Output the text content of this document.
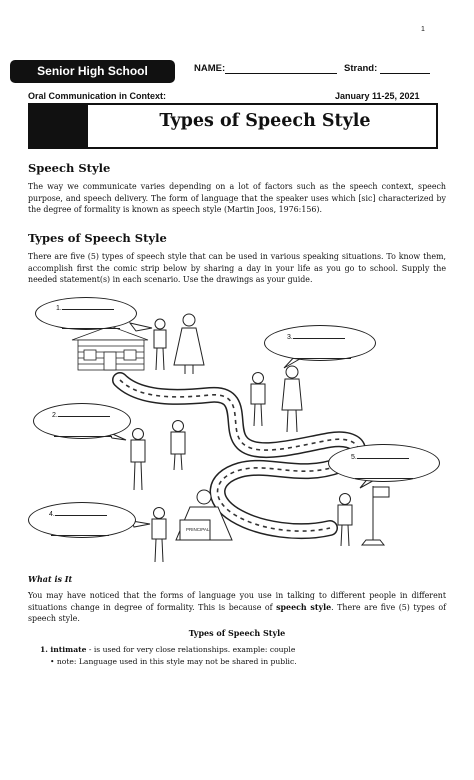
1
Senior High School	NAME:	Strand:
Oral Communication in Context:	January 11-25, 2021
Types of Speech Style
Speech Style
The way we communicate varies depending on a lot of factors such as the speech context, speech purpose, and speech delivery. The form of language that the speaker uses which [sic] characterized by the degree of formality is known as speech style (Martin Joos, 1976:156).
Types of Speech Style
There are five (5) types of speech style that can be used in various speaking situations. To know them, accomplish first the comic strip below by sharing a day in your life as you go to school. Supply the needed statement(s) in each scenario. Use the drawings as your guide.
PRINCIPAL
1.
3.
2.
5.
4.
What is It
You may have noticed that the forms of language you use in talking to different people in different situations change in degree of formality. This is because of speech style. There are five (5) types of speech style.
Types of Speech Style
1. intimate - is used for very close relationships. example: couple
• note: Language used in this style may not be shared in public.
